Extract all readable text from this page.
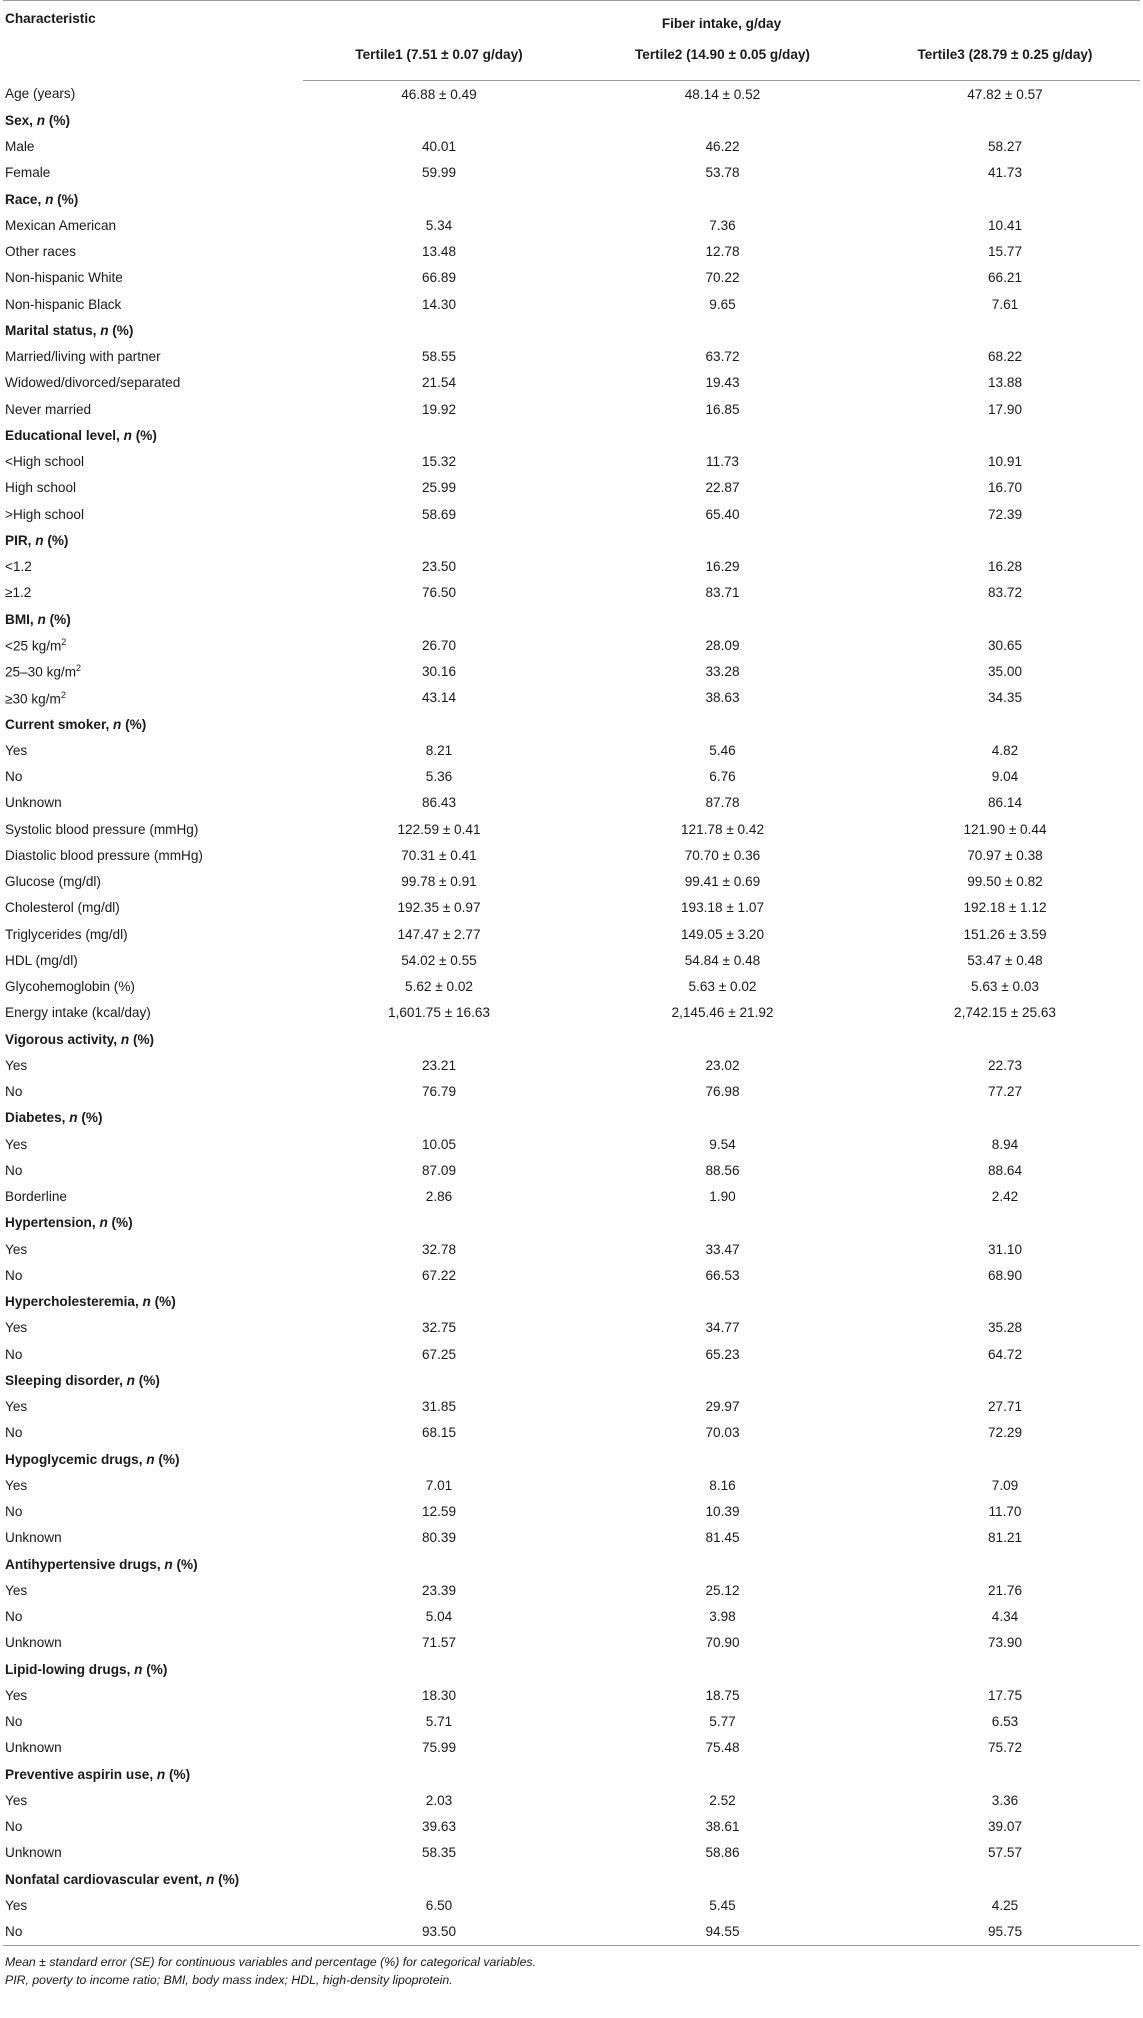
Characteristic	Fiber intake, g/day		
	Tertile1 (7.51 ± 0.07 g/day)	Tertile2 (14.90 ± 0.05 g/day)	Tertile3 (28.79 ± 0.25 g/day)
Age (years)	46.88 ± 0.49	48.14 ± 0.52	47.82 ± 0.57
Sex, n (%)			
Male	40.01	46.22	58.27
Female	59.99	53.78	41.73
Race, n (%)			
Mexican American	5.34	7.36	10.41
Other races	13.48	12.78	15.77
Non-hispanic White	66.89	70.22	66.21
Non-hispanic Black	14.30	9.65	7.61
Marital status, n (%)			
Married/living with partner	58.55	63.72	68.22
Widowed/divorced/separated	21.54	19.43	13.88
Never married	19.92	16.85	17.90
Educational level, n (%)			
<High school	15.32	11.73	10.91
High school	25.99	22.87	16.70
>High school	58.69	65.40	72.39
PIR, n (%)			
<1.2	23.50	16.29	16.28
≥1.2	76.50	83.71	83.72
BMI, n (%)			
<25 $kg/m^2$	26.70	28.09	30.65
25–30 $kg/m^2$	30.16	33.28	35.00
≥30 $kg/m^2$	43.14	38.63	34.35
Current smoker, n (%)			
Yes	8.21	5.46	4.82
No	5.36	6.76	9.04
Unknown	86.43	87.78	86.14
Systolic blood pressure (mmHg)	122.59 ± 0.41	121.78 ± 0.42	121.90 ± 0.44
Diastolic blood pressure (mmHg)	70.31 ± 0.41	70.70 ± 0.36	70.97 ± 0.38
Glucose (mg/dl)	99.78 ± 0.91	99.41 ± 0.69	99.50 ± 0.82
Cholesterol (mg/dl)	192.35 ± 0.97	193.18 ± 1.07	192.18 ± 1.12
Triglycerides (mg/dl)	147.47 ± 2.77	149.05 ± 3.20	151.26 ± 3.59
HDL (mg/dl)	54.02 ± 0.55	54.84 ± 0.48	53.47 ± 0.48
Glycohemoglobin (%)	5.62 ± 0.02	5.63 ± 0.02	5.63 ± 0.03
Energy intake (kcal/day)	1,601.75 ± 16.63	2,145.46 ± 21.92	2,742.15 ± 25.63
Vigorous activity, n (%)			
Yes	23.21	23.02	22.73
No	76.79	76.98	77.27
Diabetes, n (%)			
Yes	10.05	9.54	8.94
No	87.09	88.56	88.64
Borderline	2.86	1.90	2.42
Hypertension, n (%)			
Yes	32.78	33.47	31.10
No	67.22	66.53	68.90
Hypercholesteremia, n (%)			
Yes	32.75	34.77	35.28
No	67.25	65.23	64.72
Sleeping disorder, n (%)			
Yes	31.85	29.97	27.71
No	68.15	70.03	72.29
Hypoglycemic drugs, n (%)			
Yes	7.01	8.16	7.09
No	12.59	10.39	11.70
Unknown	80.39	81.45	81.21
Antihypertensive drugs, n (%)			
Yes	23.39	25.12	21.76
No	5.04	3.98	4.34
Unknown	71.57	70.90	73.90
Lipid-lowing drugs, n (%)			
Yes	18.30	18.75	17.75
No	5.71	5.77	6.53
Unknown	75.99	75.48	75.72
Preventive aspirin use, n (%)			
Yes	2.03	2.52	3.36
No	39.63	38.61	39.07
Unknown	58.35	58.86	57.57
Nonfatal cardiovascular event, n (%)			
Yes	6.50	5.45	4.25
No	93.50	94.55	95.75
Mean ± standard error (SE) for continuous variables and percentage (%) for categorical variables.
PIR, poverty to income ratio; BMI, body mass index; HDL, high-density lipoprotein.
